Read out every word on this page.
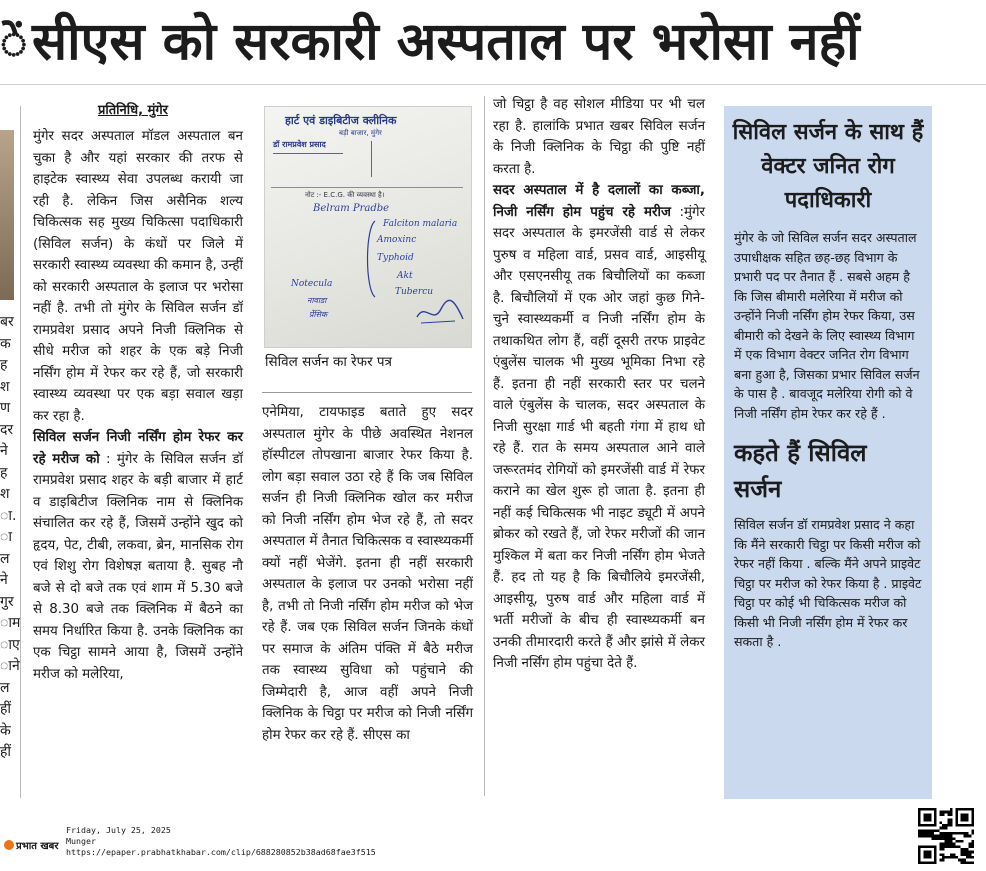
ें सीएस को सरकारी अस्पताल पर भरोसा नहीं
बर
क
ह
श
ण
दर
ने
ह
श
ा.
ा
ल
ने
गुर
ाम
ाए
ाने
ल
हीं
के
हीं
प्रतिनिधि, मुंगेर

मुंगेर सदर अस्पताल मॉडल अस्पताल बन चुका है और यहां सरकार की तरफ से हाइटेक स्वास्थ्य सेवा उपलब्ध करायी जा रही है. लेकिन जिस असैनिक शल्य चिकित्सक सह मुख्य चिकित्सा पदाधिकारी (सिविल सर्जन) के कंधों पर जिले में सरकारी स्वास्थ्य व्यवस्था की कमान है, उन्हीं को सरकारी अस्पताल के इलाज पर भरोसा नहीं है. तभी तो मुंगेर के सिविल सर्जन डॉ रामप्रवेश प्रसाद अपने निजी क्लिनिक से सीधे मरीज को शहर के एक बड़े निजी नर्सिंग होम में रेफर कर रहे हैं, जो सरकारी स्वास्थ्य व्यवस्था पर एक बड़ा सवाल खड़ा कर रहा है.

सिविल सर्जन निजी नर्सिंग होम रेफर कर रहे मरीज को : मुंगेर के सिविल सर्जन डॉ रामप्रवेश प्रसाद शहर के बड़ी बाजार में हार्ट व डाइबिटीज क्लिनिक नाम से क्लिनिक संचालित कर रहे हैं, जिसमें उन्होंने खुद को हृदय, पेट, टीबी, लकवा, ब्रेन, मानसिक रोग एवं शिशु रोग विशेषज्ञ बताया है. सुबह नौ बजे से दो बजे तक एवं शाम में 5.30 बजे से 8.30 बजे तक क्लिनिक में बैठने का समय निर्धारित किया है. उनके क्लिनिक का एक चिट्ठा सामने आया है, जिसमें उन्होंने मरीज को मलेरिया,

हार्ट एवं डाइबिटीज क्लीनिक
बड़ी बाजार, मुंगेर
डॉ रामप्रवेश प्रसाद
नोट :- E.C.G. की व्यवस्था है।
Belram Pradbe
Falciton malaria
Amoxinc
Typhoid
Akt
Tubercu
Notecula
नावाडा
र्प्रेसिक
सिविल सर्जन का रेफर पत्र

एनेमिया, टायफाइड बताते हुए सदर अस्पताल मुंगेर के पीछे अवस्थित नेशनल हॉस्पीटल तोपखाना बाजार रेफर किया है. लोग बड़ा सवाल उठा रहे हैं कि जब सिविल सर्जन ही निजी क्लिनिक खोल कर मरीज को निजी नर्सिंग होम भेज रहे हैं, तो सदर अस्पताल में तैनात चिकित्सक व स्वास्थ्यकर्मी क्यों नहीं भेजेंगे. इतना ही नहीं सरकारी अस्पताल के इलाज पर उनको भरोसा नहीं है, तभी तो निजी नर्सिंग होम मरीज को भेज रहे हैं. जब एक सिविल सर्जन जिनके कंधों पर समाज के अंतिम पंक्ति में बैठे मरीज तक स्वास्थ्य सुविधा को पहुंचाने की जिम्मेदारी है, आज वहीं अपने निजी क्लिनिक के चिट्ठा पर मरीज को निजी नर्सिंग होम रेफर कर रहे हैं. सीएस का

जो चिट्ठा है वह सोशल मीडिया पर भी चल रहा है. हालांकि प्रभात खबर सिविल सर्जन के निजी क्लिनिक के चिट्ठा की पुष्टि नहीं करता है.

सदर अस्पताल में है दलालों का कब्जा, निजी नर्सिंग होम पहुंच रहे मरीज :मुंगेर सदर अस्पताल के इमरजेंसी वार्ड से लेकर पुरुष व महिला वार्ड, प्रसव वार्ड, आइसीयू और एसएनसीयू तक बिचौलियों का कब्जा है. बिचौलियों में एक ओर जहां कुछ गिने-चुने स्वास्थ्यकर्मी व निजी नर्सिंग होम के तथाकथित लोग हैं, वहीं दूसरी तरफ प्राइवेट एंबुलेंस चालक भी मुख्य भूमिका निभा रहे हैं. इतना ही नहीं सरकारी स्तर पर चलने वाले एंबुलेंस के चालक, सदर अस्पताल के निजी सुरक्षा गार्ड भी बहती गंगा में हाथ धो रहे हैं. रात के समय अस्पताल आने वाले जरूरतमंद रोगियों को इमरजेंसी वार्ड में रेफर कराने का खेल शुरू हो जाता है. इतना ही नहीं कई चिकित्सक भी नाइट ड्यूटी में अपने ब्रोकर को रखते हैं, जो रेफर मरीजों की जान मुश्किल में बता कर निजी नर्सिंग होम भेजते हैं. हद तो यह है कि बिचौलिये इमरजेंसी, आइसीयू, पुरुष वार्ड और महिला वार्ड में भर्ती मरीजों के बीच ही स्वास्थ्यकर्मी बन उनकी तीमारदारी करते हैं और झांसे में लेकर निजी नर्सिंग होम पहुंचा देते हैं.

सिविल सर्जन के साथ हैं वेक्टर जनित रोग पदाधिकारी
मुंगेर के जो सिविल सर्जन सदर अस्पताल उपाधीक्षक सहित छह-छह विभाग के प्रभारी पद पर तैनात हैं . सबसे अहम है कि जिस बीमारी मलेरिया में मरीज को उन्होंने निजी नर्सिंग होम रेफर किया, उस बीमारी को देखने के लिए स्वास्थ्य विभाग में एक विभाग वेक्टर जनित रोग विभाग बना हुआ है, जिसका प्रभार सिविल सर्जन के पास है . बावजूद मलेरिया रोगी को वे निजी नर्सिंग होम रेफर कर रहे हैं .
कहते हैं सिविल सर्जन
सिविल सर्जन डॉ रामप्रवेश प्रसाद ने कहा कि मैंने सरकारी चिट्ठा पर किसी मरीज को रेफर नहीं किया . बल्कि मैंने अपने प्राइवेट चिट्ठा पर मरीज को रेफर किया है . प्राइवेट चिट्ठा पर कोई भी चिकित्सक मरीज को किसी भी निजी नर्सिंग होम में रेफर कर सकता है .
प्रभात खबर
Friday, July 25, 2025
Munger
https://epaper.prabhatkhabar.com/clip/688280852b38ad68fae3f515
